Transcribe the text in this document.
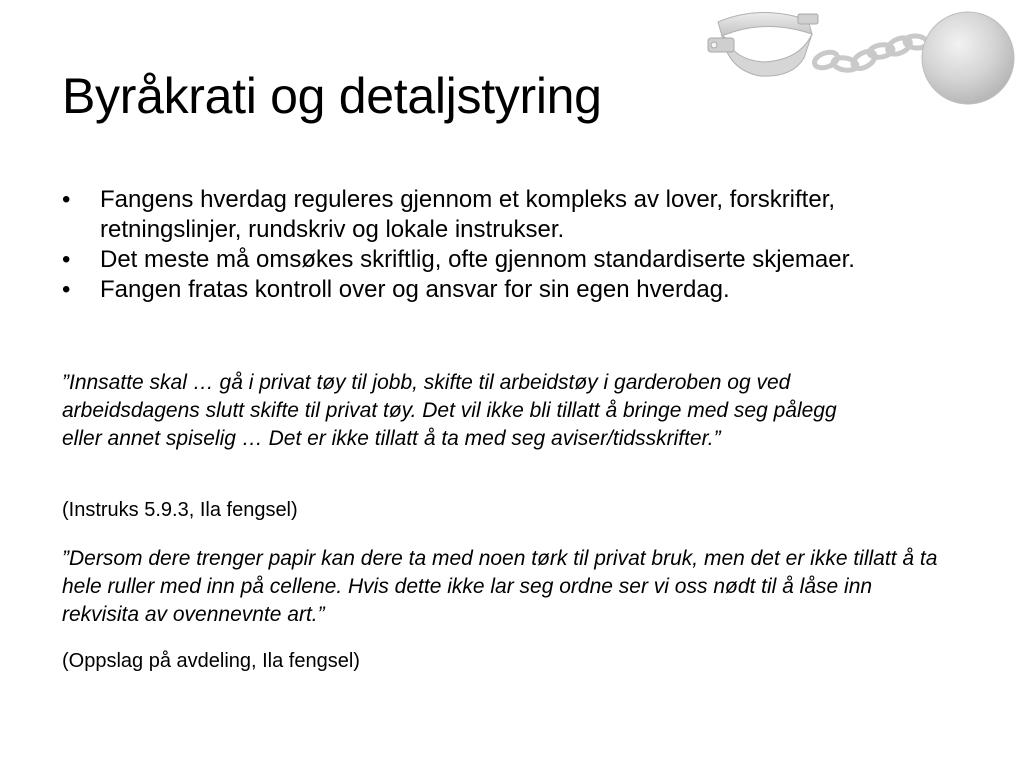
Byråkrati og detaljstyring
• Fangens hverdag reguleres gjennom et kompleks av lover, forskrifter, retningslinjer, rundskriv og lokale instrukser.
• Det meste må omsøkes skriftlig, ofte gjennom standardiserte skjemaer.
• Fangen fratas kontroll over og ansvar for sin egen hverdag.

”Innsatte skal … gå i privat tøy til jobb, skifte til arbeidstøy i garderoben og ved arbeidsdagens slutt skifte til privat tøy. Det vil ikke bli tillatt å bringe med seg pålegg eller annet spiselig … Det er ikke tillatt å ta med seg aviser/tidsskrifter.”

(Instruks 5.9.3, Ila fengsel)

”Dersom dere trenger papir kan dere ta med noen tørk til privat bruk, men det er ikke tillatt å ta hele ruller med inn på cellene. Hvis dette ikke lar seg ordne ser vi oss nødt til å låse inn rekvisita av ovennevnte art.”

(Oppslag på avdeling, Ila fengsel)
